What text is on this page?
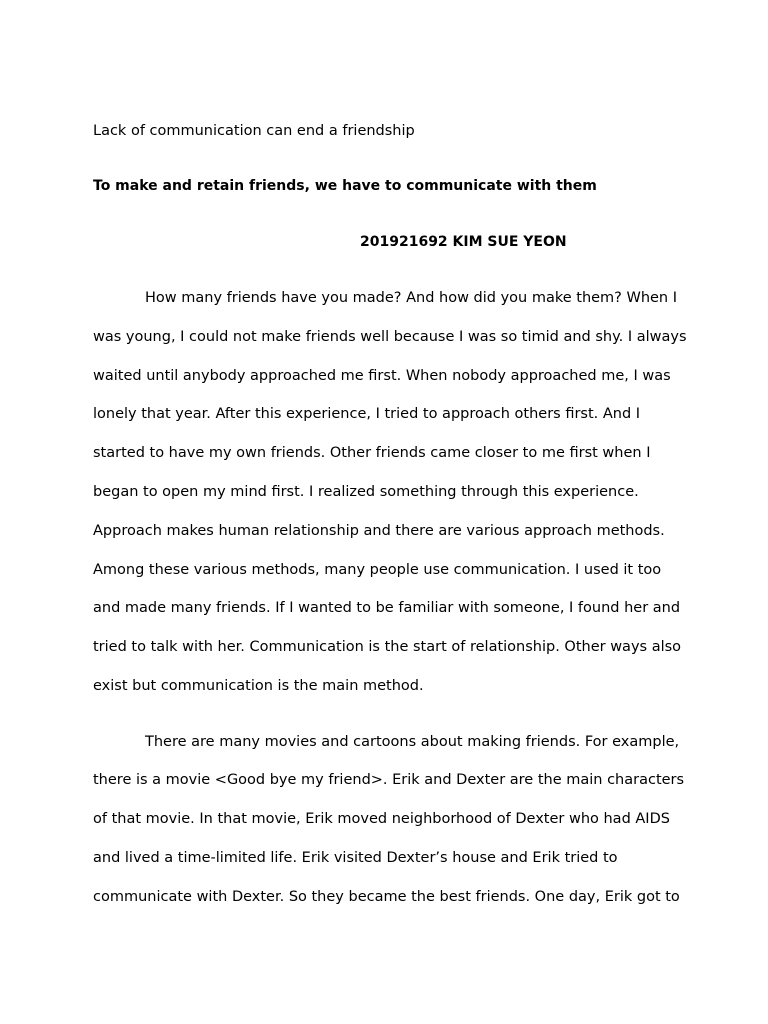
Lack of communication can end a friendship

To make and retain friends, we have to communicate with them

201921692 KIM SUE YEON

How many friends have you made? And how did you make them? When I

was young, I could not make friends well because I was so timid and shy. I always

waited until anybody approached me first. When nobody approached me, I was

lonely that year. After this experience, I tried to approach others first. And I

started to have my own friends. Other friends came closer to me first when I

began to open my mind first. I realized something through this experience.

Approach makes human relationship and there are various approach methods.

Among these various methods, many people use communication. I used it too

and made many friends. If I wanted to be familiar with someone, I found her and

tried to talk with her. Communication is the start of relationship. Other ways also

exist but communication is the main method.

There are many movies and cartoons about making friends. For example,

there is a movie <Good bye my friend>. Erik and Dexter are the main characters

of that movie. In that movie, Erik moved neighborhood of Dexter who had AIDS

and lived a time-limited life. Erik visited Dexter’s house and Erik tried to

communicate with Dexter. So they became the best friends. One day, Erik got to
